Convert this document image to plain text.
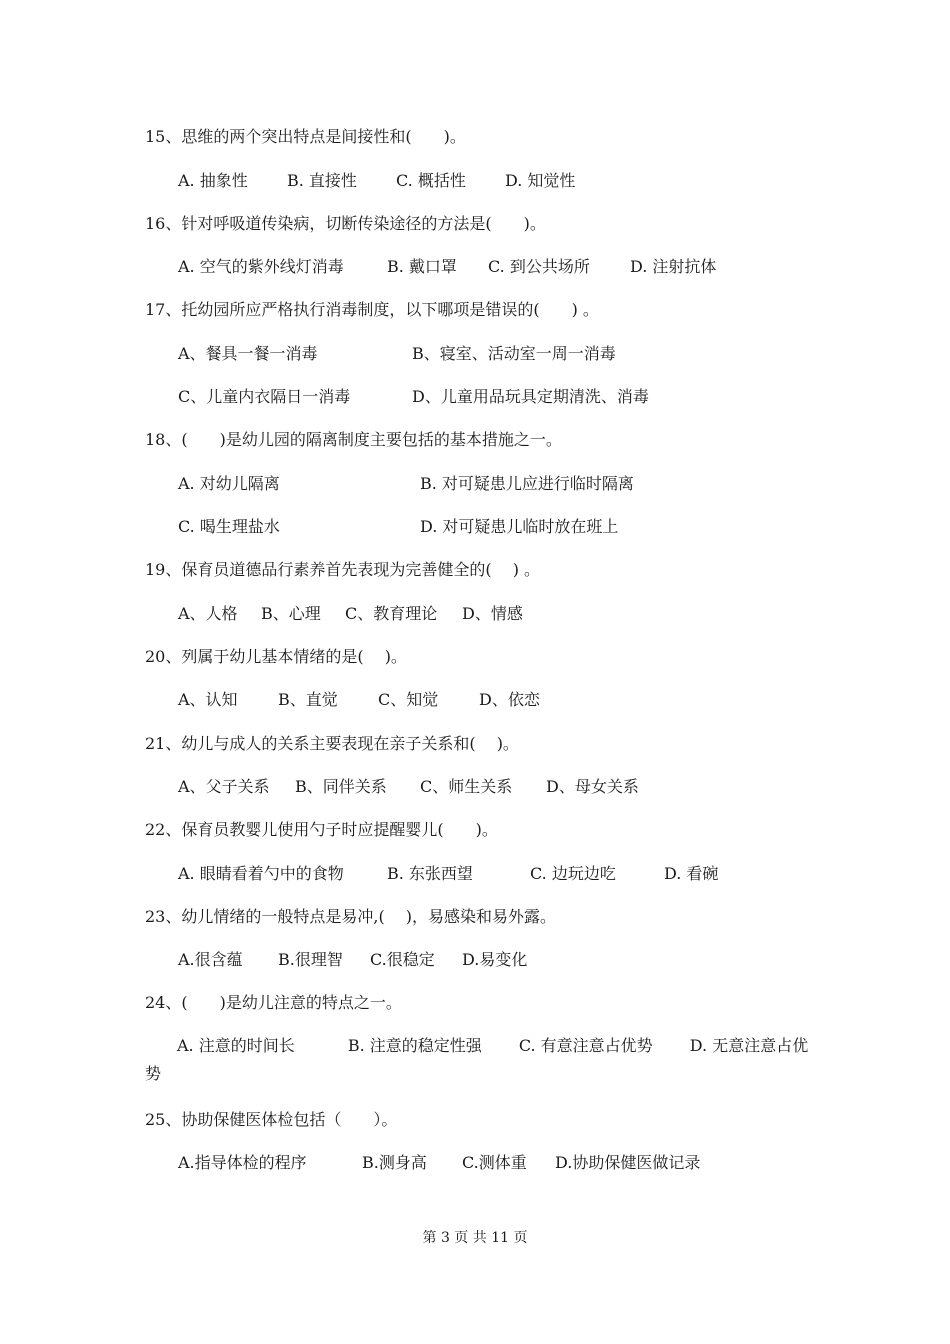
15、思维的两个突出特点是间接性和(　　)。
A. 抽象性 B. 直接性 C. 概括性 D. 知觉性
16、针对呼吸道传染病，切断传染途径的方法是(　　)。
A. 空气的紫外线灯消毒	B. 戴口罩 C. 到公共场所	D. 注射抗体
17、托幼园所应严格执行消毒制度，以下哪项是错误的(　　) 。
A、餐具一餐一消毒	B、寝室、活动室一周一消毒
C、儿童内衣隔日一消毒	D、儿童用品玩具定期清洗、消毒
18、(　　)是幼儿园的隔离制度主要包括的基本措施之一。
A. 对幼儿隔离	B. 对可疑患儿应进行临时隔离
C. 喝生理盐水	D. 对可疑患儿临时放在班上
19、保育员道德品行素养首先表现为完善健全的(　 ) 。
A、人格 B、心理 C、教育理论 D、情感
20、列属于幼儿基本情绪的是(　 )。
A、认知	B、直觉	C、知觉	D、依恋
21、幼儿与成人的关系主要表现在亲子关系和(　 )。
A、父子关系 B、同伴关系 C、师生关系 D、母女关系
22、保育员教婴儿使用勺子时应提醒婴儿(　　)。
A. 眼睛看着勺中的食物	B. 东张西望	C. 边玩边吃	D. 看碗
23、幼儿情绪的一般特点是易冲,(　 )，易感染和易外露。
A.很含蕴 B.很理智 C.很稳定 D.易变化
24、(　　)是幼儿注意的特点之一。
A. 注意的时间长　　　 B. 注意的稳定性强　　 C. 有意注意占优势　　 D. 无意注意占优势
25、协助保健医体检包括（　　）。
A.指导体检的程序	B.测身高 C.测体重 D.协助保健医做记录
第 3 页 共 11 页
